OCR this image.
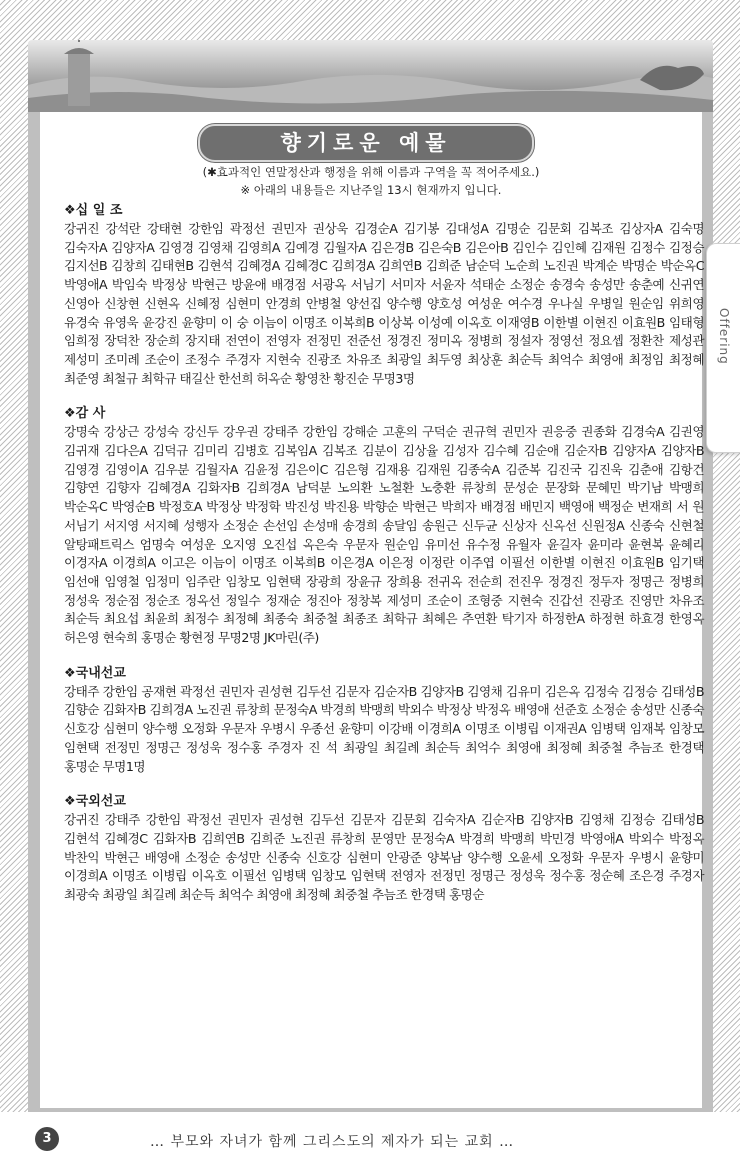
향기로운 예물
(✱효과적인 연말정산과 행정을 위해 이름과 구역을 꼭 적어주세요.)
※ 아래의 내용들은 지난주일 13시 현재까지 입니다.

❖십 일 조

강귀진 강석란 강태현 강한임 곽정선 권민자 권상욱 김경순A 김기봉 김대성A 김명순 김문회 김복조 김상자A 김숙명 김숙자A 김양자A 김영경 김영채 김영희A 김예경 김월자A 김은경B 김은숙B 김은아B 김인수 김인혜 김재원 김정수 김정승 김지선B 김창희 김태현B 김현석 김혜경A 김혜경C 김희경A 김희연B 김희준 남순덕 노순희 노진권 박계순 박명순 박순옥C 박영애A 박임숙 박정상 박현근 방윤애 배경점 서광옥 서님기 서미자 서윤자 석태순 소정순 송경숙 송성만 송춘예 신귀연 신영아 신창현 신현옥 신혜정 심현미 안경희 안병철 양선집 양수행 양호성 여성운 여수경 우나실 우병일 원순임 위희영 유경숙 유영욱 윤강진 윤향미 이 숭 이늠이 이명조 이복희B 이상복 이성예 이옥호 이재영B 이한별 이현진 이효원B 임태형 임희정 장덕찬 장순희 장지태 전연이 전영자 전정민 전준선 정경진 정미옥 정병희 정설자 정영선 정요셉 정환찬 제성관 제성미 조미례 조순이 조정수 주경자 지현숙 진광조 차유조 최광일 최두영 최상훈 최순득 최억수 최영애 최정임 최정혜 최준영 최철규 최학규 태길산 한선희 허옥순 황영찬 황진순 무명3명

❖감 사

강명숙 강상근 강성숙 강신두 강우권 강태주 강한임 강해순 고훈의 구덕순 권규혁 권민자 권응중 권종화 김경숙A 김권영 김귀재 김다은A 김덕규 김미리 김병호 김복임A 김복조 김분이 김상율 김성자 김수혜 김순애 김순자B 김양자A 김양자B 김영경 김영이A 김우분 김월자A 김윤정 김은이C 김은형 김재용 김재원 김종숙A 김준복 김진국 김진욱 김춘애 김항건 김향연 김향자 김혜경A 김화자B 김희경A 남덕분 노의환 노철환 노충환 류창희 문성순 문장화 문혜민 박기남 박맹희 박순옥C 박영순B 박정호A 박정상 박정학 박진성 박진용 박향순 박현근 박희자 배경점 배민지 백영애 백정순 변재희 서 원 서님기 서지영 서지혜 성행자 소정순 손선임 손성매 송경희 송달임 송원근 신두균 신상자 신옥선 신원정A 신종숙 신현철 알탕패트릭스 엄명숙 여성운 오지영 오진섭 옥은숙 우문자 원순임 유미선 유수정 유월자 윤길자 윤미라 윤현복 윤혜리 이경자A 이경희A 이고은 이늠이 이명조 이복희B 이은경A 이은정 이정란 이주엽 이필선 이한별 이현진 이효원B 임기택 임선애 임영철 임정미 임주란 임창모 임현택 장광희 장윤규 장희용 전귀옥 전순희 전진우 정경진 정두자 정명근 정병희 정성욱 정순점 정순조 정옥선 정일수 정재순 정진아 정창복 제성미 조순이 조형중 지현숙 진갑선 진광조 진영만 차유조 최순득 최요섭 최윤희 최정수 최정혜 최종숙 최중철 최종조 최학규 최혜은 추연환 탁기자 하정한A 하정현 하효경 한영옥 허은영 현숙희 홍명순 황현정 무명2명 JK마린(주)

❖국내선교

강태주 강한임 공재현 곽정선 권민자 권성현 김두선 김문자 김순자B 김양자B 김영채 김유미 김은옥 김정숙 김정승 김태성B 김향순 김화자B 김희경A 노진권 류창희 문정숙A 박경희 박맹희 박외수 박정상 박정옥 배영애 선준호 소정순 송성만 신종숙 신호강 심현미 양수행 오정화 우문자 우병시 우종선 윤향미 이강배 이경희A 이명조 이병립 이재권A 임병택 임재복 임창모 임현택 전정민 정명근 정성욱 정수홍 주경자 진 석 최광일 최길례 최순득 최억수 최영애 최정혜 최중철 추늠조 한경택 홍명순 무명1명

❖국외선교

강귀진 강태주 강한임 곽정선 권민자 권성현 김두선 김문자 김문회 김숙자A 김순자B 김양자B 김영채 김정승 김태성B 김현석 김혜경C 김화자B 김희연B 김희준 노진권 류창희 문영만 문정숙A 박경희 박맹희 박민경 박영애A 박외수 박정옥 박찬익 박현근 배영애 소정순 송성만 신종숙 신호강 심현미 안광준 양복남 양수행 오윤세 오정화 우문자 우병시 윤향미 이경희A 이명조 이병립 이옥호 이필선 임병택 임창모 임현택 전영자 전정민 정명근 정성욱 정수홍 정순혜 조은경 주경자 최광숙 최광일 최길례 최순득 최억수 최영애 최정혜 최중철 추늠조 한경택 홍명순

Offering
3	… 부모와 자녀가 함께 그리스도의 제자가 되는 교회 …
